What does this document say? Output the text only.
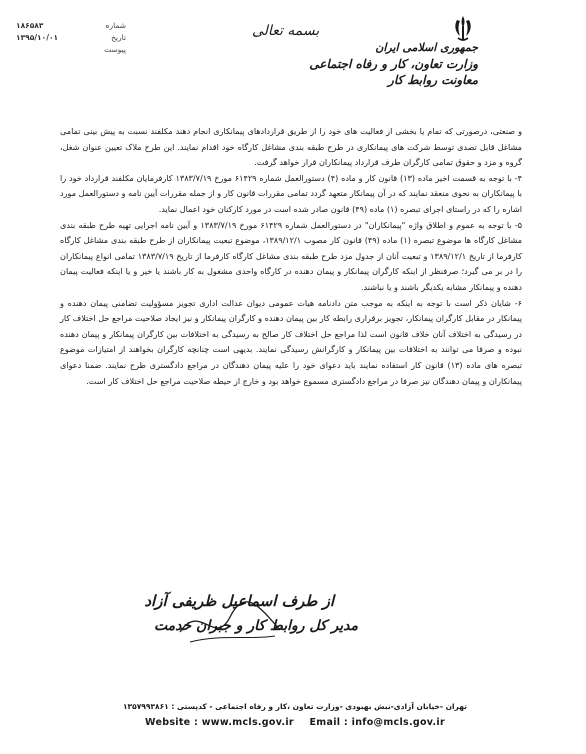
جمهوری اسلامی ایران
وزارت تعاون، کار و رفاه اجتماعی
معاونت روابط کار
بسمه تعالی
شماره
۱۸۶۵۸۳
تاریخ
۱۳۹۵/۱۰/۰۱
پیوست

و صنعتی، درصورتی که تمام یا بخشی از فعالیت های خود را از طریق قراردادهای پیمانکاری انجام دهند مکلفند نسبت به پیش بینی تمامی مشاغل قابل تصدی توسط شرکت های پیمانکاری در طرح طبقه بندی مشاغل کارگاه خود اقدام نمایند. این طرح ملاک تعیین عنوان شغل، گروه و مزد و حقوق تمامی کارگران طرف قرارداد پیمانکاران قرار خواهد گرفت.

۴- با توجه به قسمت اخیر ماده (۱۳) قانون کار و ماده (۴) دستورالعمل شماره ۶۱۴۲۹ مورخ ۱۳۸۳/۷/۱۹ کارفرمایان مکلفند قرارداد خود را با پیمانکاران به نحوی منعقد نمایند که در آن پیمانکار متعهد گردد تمامی مقررات قانون کار و از جمله مقررات آیین نامه و دستورالعمل مورد اشاره را که در راستای اجرای تبصره (۱) ماده (۴۹) قانون صادر شده است در مورد کارکنان خود اعمال نماید.

۵- با توجه به عموم و اطلاق واژه "پیمانکاران" در دستورالعمل شماره ۶۱۴۲۹ مورخ ۱۳۸۳/۷/۱۹ و آیین نامه اجرایی تهیه طرح طبقه بندی مشاغل کارگاه ها موضوع تبصره (۱) ماده (۴۹) قانون کار مصوب ۱۳۸۹/۱۲/۱، موضوع تبعیت پیمانکاران از طرح طبقه بندی مشاغل کارگاه کارفرما از تاریخ ۱۳۸۹/۱۲/۱ و تبعیت آنان از جدول مزد طرح طبقه بندی مشاغل کارگاه کارفرما از تاریخ ۱۳۸۳/۷/۱۹ تمامی انواع پیمانکاران را در بر می گیرد؛ صرفنظر از اینکه کارگران پیمانکار و پیمان دهنده در کارگاه واحدی مشغول به کار باشند یا خیر و یا اینکه فعالیت پیمان دهنده و پیمانکار مشابه یکدیگر باشند و یا نباشند.

۶- شایان ذکر است با توجه به اینکه به موجب متن دادنامه هیات عمومی دیوان عدالت اداری تجویز مسؤولیت تضامنی پیمان دهنده و پیمانکار در مقابل کارگران پیمانکار، تجویز برقراری رابطه کار بین پیمان دهنده و کارگران پیمانکار و نیز ایجاد صلاحیت مراجع حل اختلاف کار در رسیدگی به اختلاف آنان خلاف قانون است لذا مراجع حل اختلاف کار صالح به رسیدگی به اختلافات بین کارگران پیمانکار و پیمان دهنده نبوده و صرفا می توانند به اختلافات بین پیمانکار و کارگرانش رسیدگی نمایند. بدیهی است چنانچه کارگران بخواهند از امتیازات موضوع تبصره های ماده (۱۳) قانون کار استفاده نمایند باید دعوای خود را علیه پیمان دهندگان در مراجع دادگستری طرح نمایند. ضمنا دعوای پیمانکاران و پیمان دهندگان نیز صرفا در مراجع دادگستری مسموع خواهد بود و خارج از حیطه صلاحیت مراجع حل اختلاف کار است.

از طرف اسماعیل ظریفی آزاد
مدیر کل روابط کار و جبران خدمت
تهران -خیابان آزادی-نبش بهبودی -وزارت تعاون ،کار و رفاه اجتماعی - کدپستی : ۱۳۵۷۹۹۳۸۶۱
Website : www.mcls.gov.ir Email : info@mcls.gov.ir
